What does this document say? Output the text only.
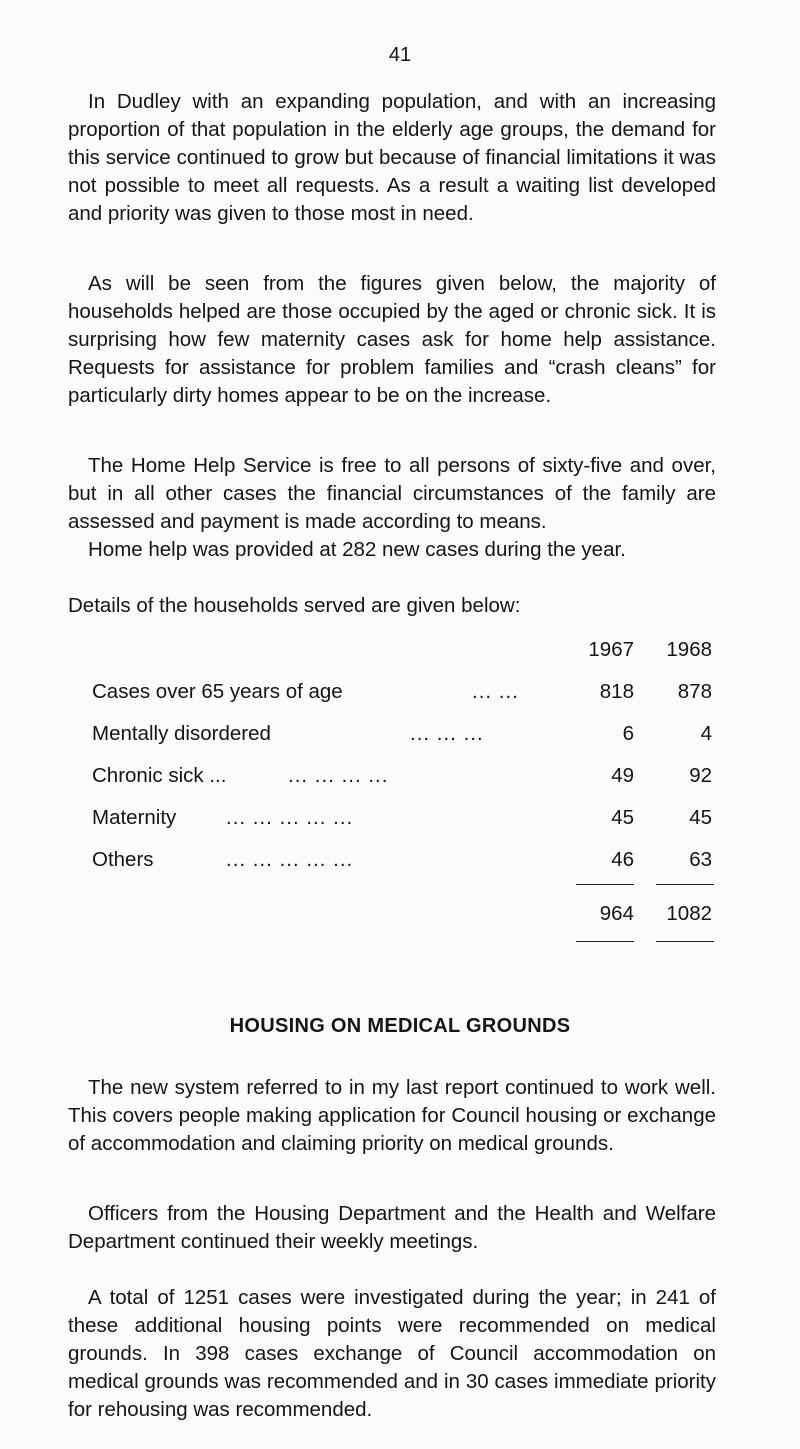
41

In Dudley with an expanding population, and with an increasing proportion of that population in the elderly age groups, the demand for this service continued to grow but because of financial limitations it was not possible to meet all requests. As a result a waiting list developed and priority was given to those most in need.

As will be seen from the figures given below, the majority of households helped are those occupied by the aged or chronic sick. It is surprising how few maternity cases ask for home help assistance. Requests for assistance for problem families and “crash cleans” for particularly dirty homes appear to be on the increase.

The Home Help Service is free to all persons of sixty-five and over, but in all other cases the financial circumstances of the family are assessed and payment is made according to means.

Home help was provided at 282 new cases during the year.

Details of the households served are given below:

1967	1968
Cases over 65 years of age	... ...	818	878
Mentally disordered	... ... ...	6	4
Chronic sick ...	... ... ... ...	49	92
Maternity ... ... ... ... ...	45	45
Others	... ... ... ... ...	46	63
964	1082
HOUSING ON MEDICAL GROUNDS

The new system referred to in my last report continued to work well. This covers people making application for Council housing or exchange of accommodation and claiming priority on medical grounds.

Officers from the Housing Department and the Health and Welfare Department continued their weekly meetings.

A total of 1251 cases were investigated during the year; in 241 of these additional housing points were recommended on medical grounds. In 398 cases exchange of Council accommodation on medical grounds was recommended and in 30 cases immediate priority for rehousing was recommended.
